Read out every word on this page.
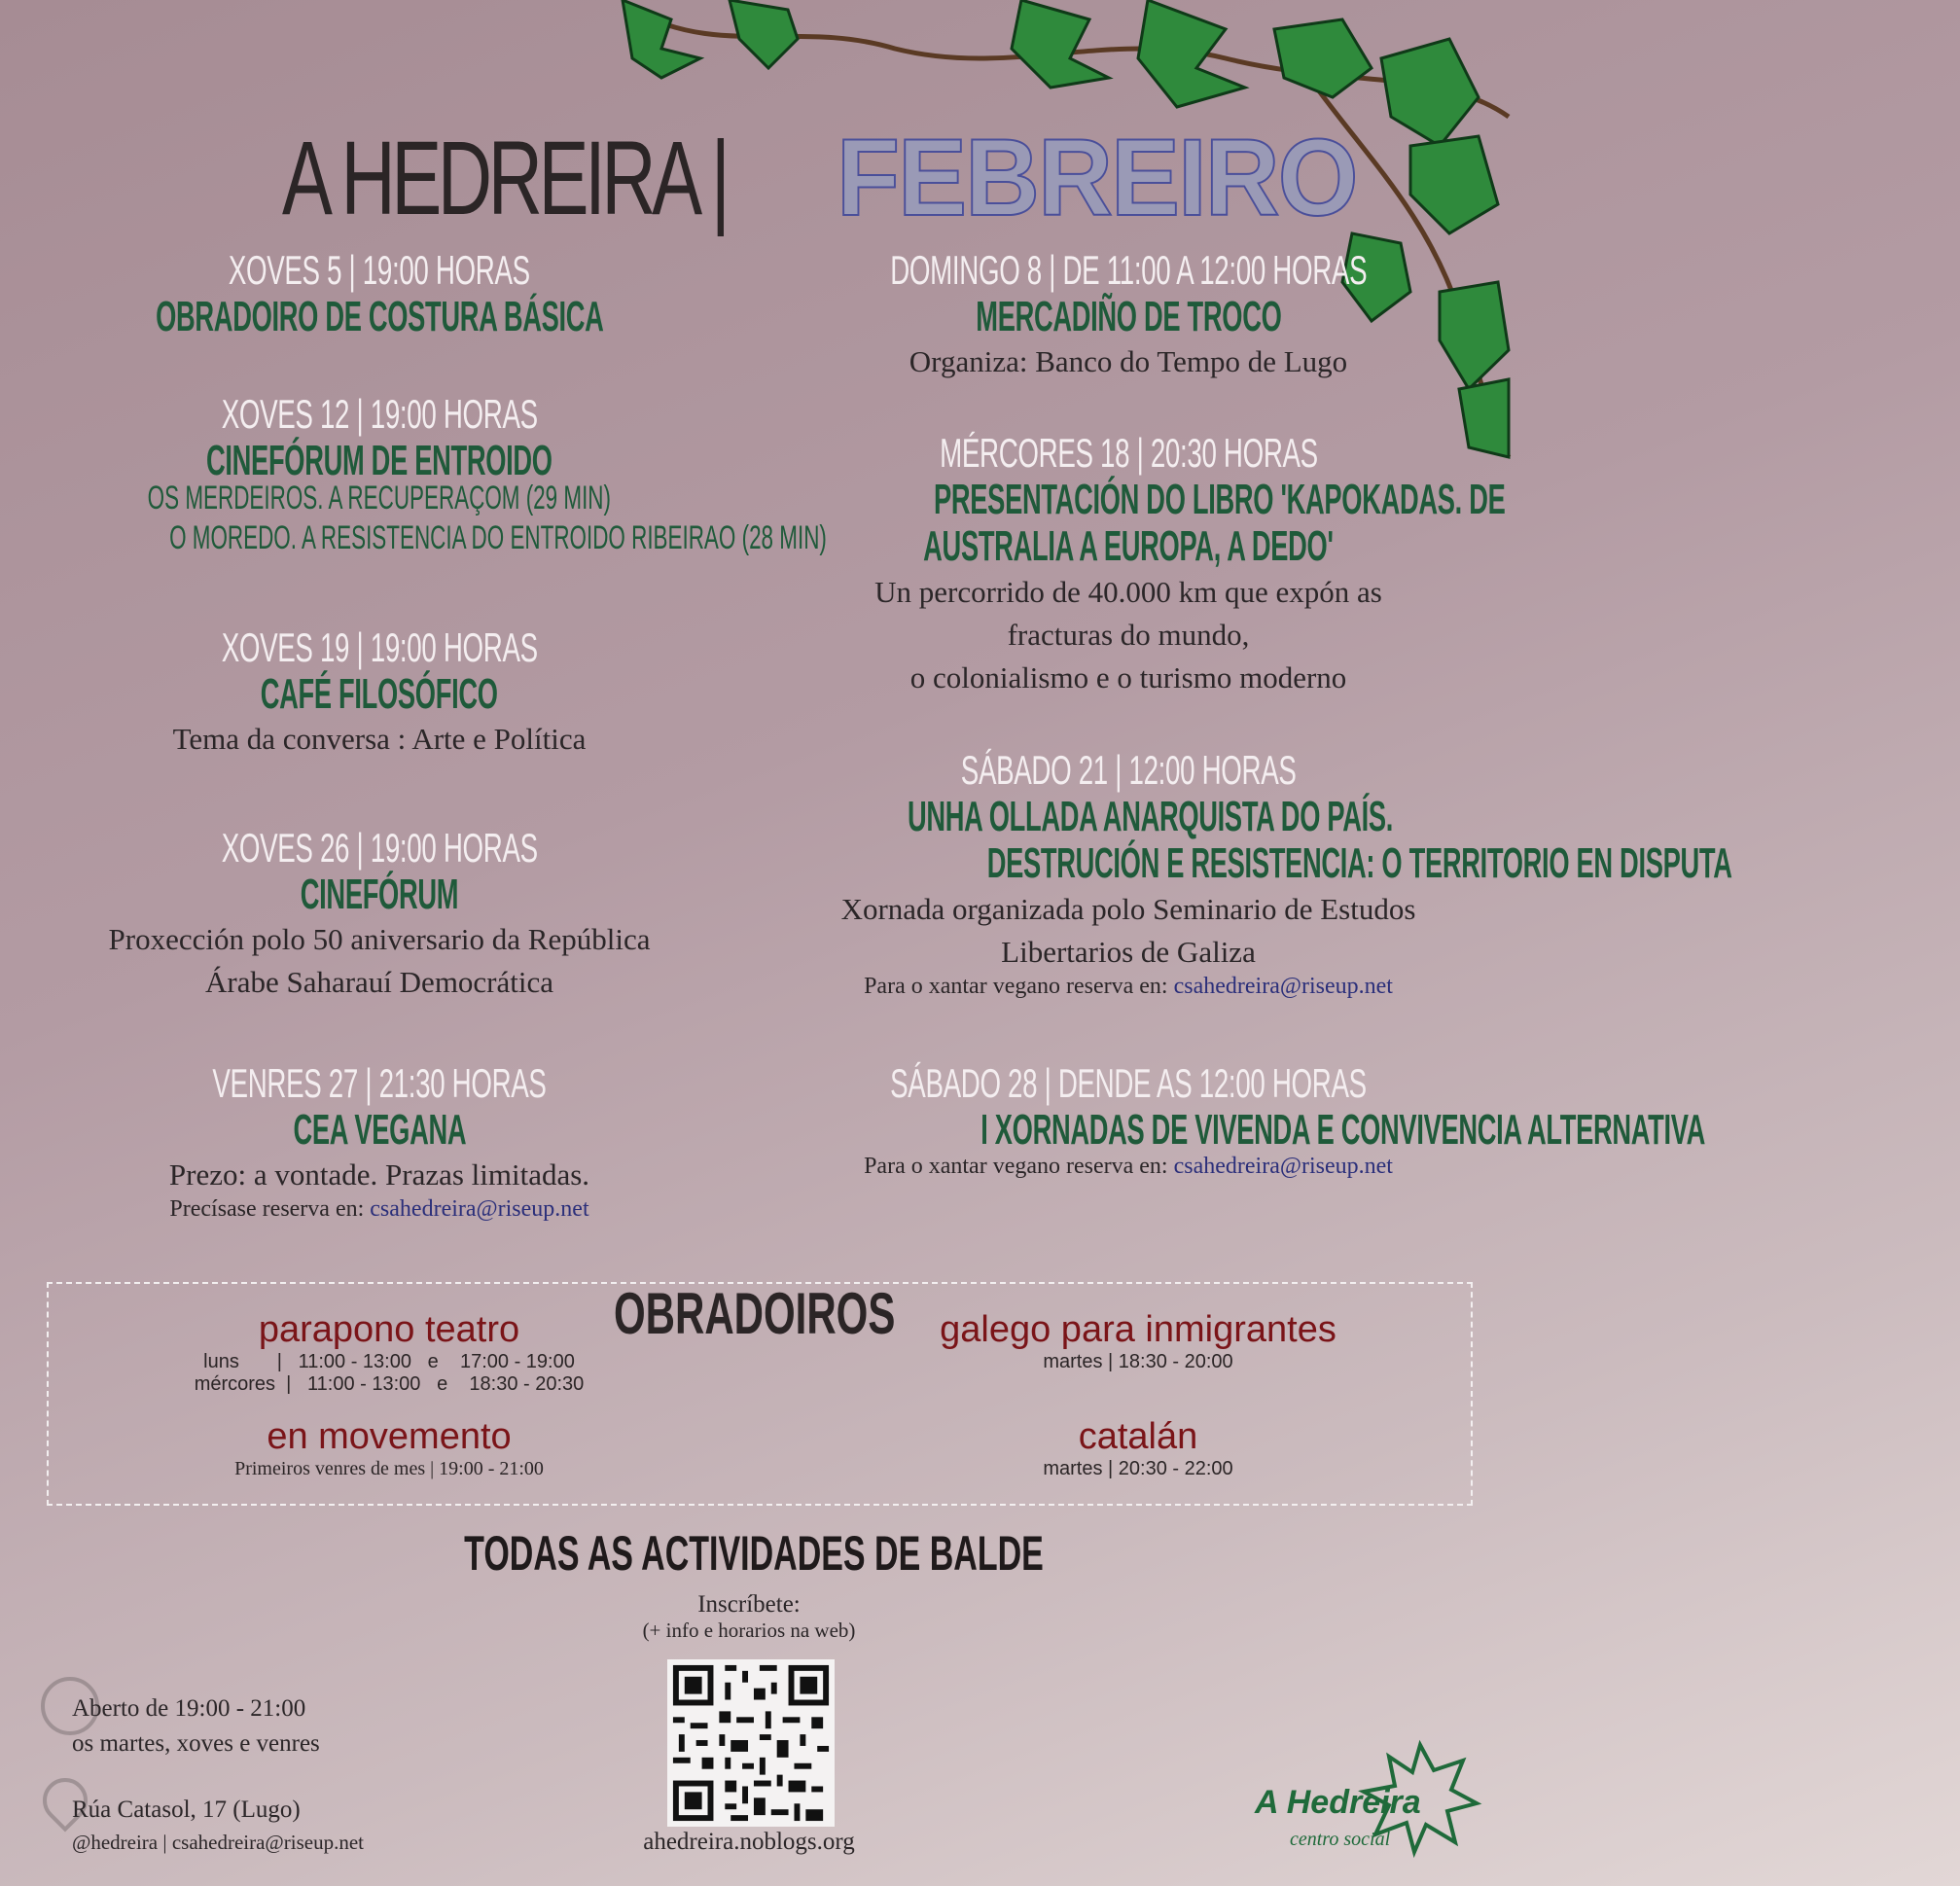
A HEDREIRA | FEBREIRO
XOVES 5 | 19:00 HORAS
OBRADOIRO DE COSTURA BÁSICA
XOVES 12 | 19:00 HORAS
CINEFÓRUM DE ENTROIDO
OS MERDEIROS. A RECUPERAÇOM (29 MIN)
O MOREDO. A RESISTENCIA DO ENTROIDO RIBEIRAO (28 MIN)
XOVES 19 | 19:00 HORAS
CAFÉ FILOSÓFICO
Tema da conversa : Arte e Política
XOVES 26 | 19:00 HORAS
CINEFÓRUM
Proxección polo 50 aniversario da República
Árabe Saharauí Democrática
VENRES 27 | 21:30 HORAS
CEA VEGANA
Prezo: a vontade. Prazas limitadas.
Precísase reserva en: csahedreira@riseup.net
DOMINGO 8 | DE 11:00 A 12:00 HORAS
MERCADIÑO DE TROCO
Organiza: Banco do Tempo de Lugo
MÉRCORES 18 | 20:30 HORAS
PRESENTACIÓN DO LIBRO 'KAPOKADAS. DE
AUSTRALIA A EUROPA, A DEDO'
Un percorrido de 40.000 km que expón as
fracturas do mundo,
o colonialismo e o turismo moderno
SÁBADO 21 | 12:00 HORAS
UNHA OLLADA ANARQUISTA DO PAÍS.
DESTRUCIÓN E RESISTENCIA: O TERRITORIO EN DISPUTA
Xornada organizada polo Seminario de Estudos
Libertarios de Galiza
Para o xantar vegano reserva en: csahedreira@riseup.net
SÁBADO 28 | DENDE AS 12:00 HORAS
I XORNADAS DE VIVENDA E CONVIVENCIA ALTERNATIVA
Para o xantar vegano reserva en: csahedreira@riseup.net
OBRADOIROS
parapono teatro
luns       |   11:00 - 13:00   e    17:00 - 19:00
mércores  |   11:00 - 13:00   e    18:30 - 20:30
galego para inmigrantes
martes | 18:30 - 20:00
en movemento
Primeiros venres de mes | 19:00 - 21:00
catalán
martes | 20:30 - 22:00
TODAS AS ACTIVIDADES DE BALDE
Inscríbete:
(+ info e horarios na web)
ahedreira.noblogs.org
Aberto de 19:00 - 21:00
os martes, xoves e venres
Rúa Catasol, 17 (Lugo)
@hedreira | csahedreira@riseup.net
A Hedreira
centro social
